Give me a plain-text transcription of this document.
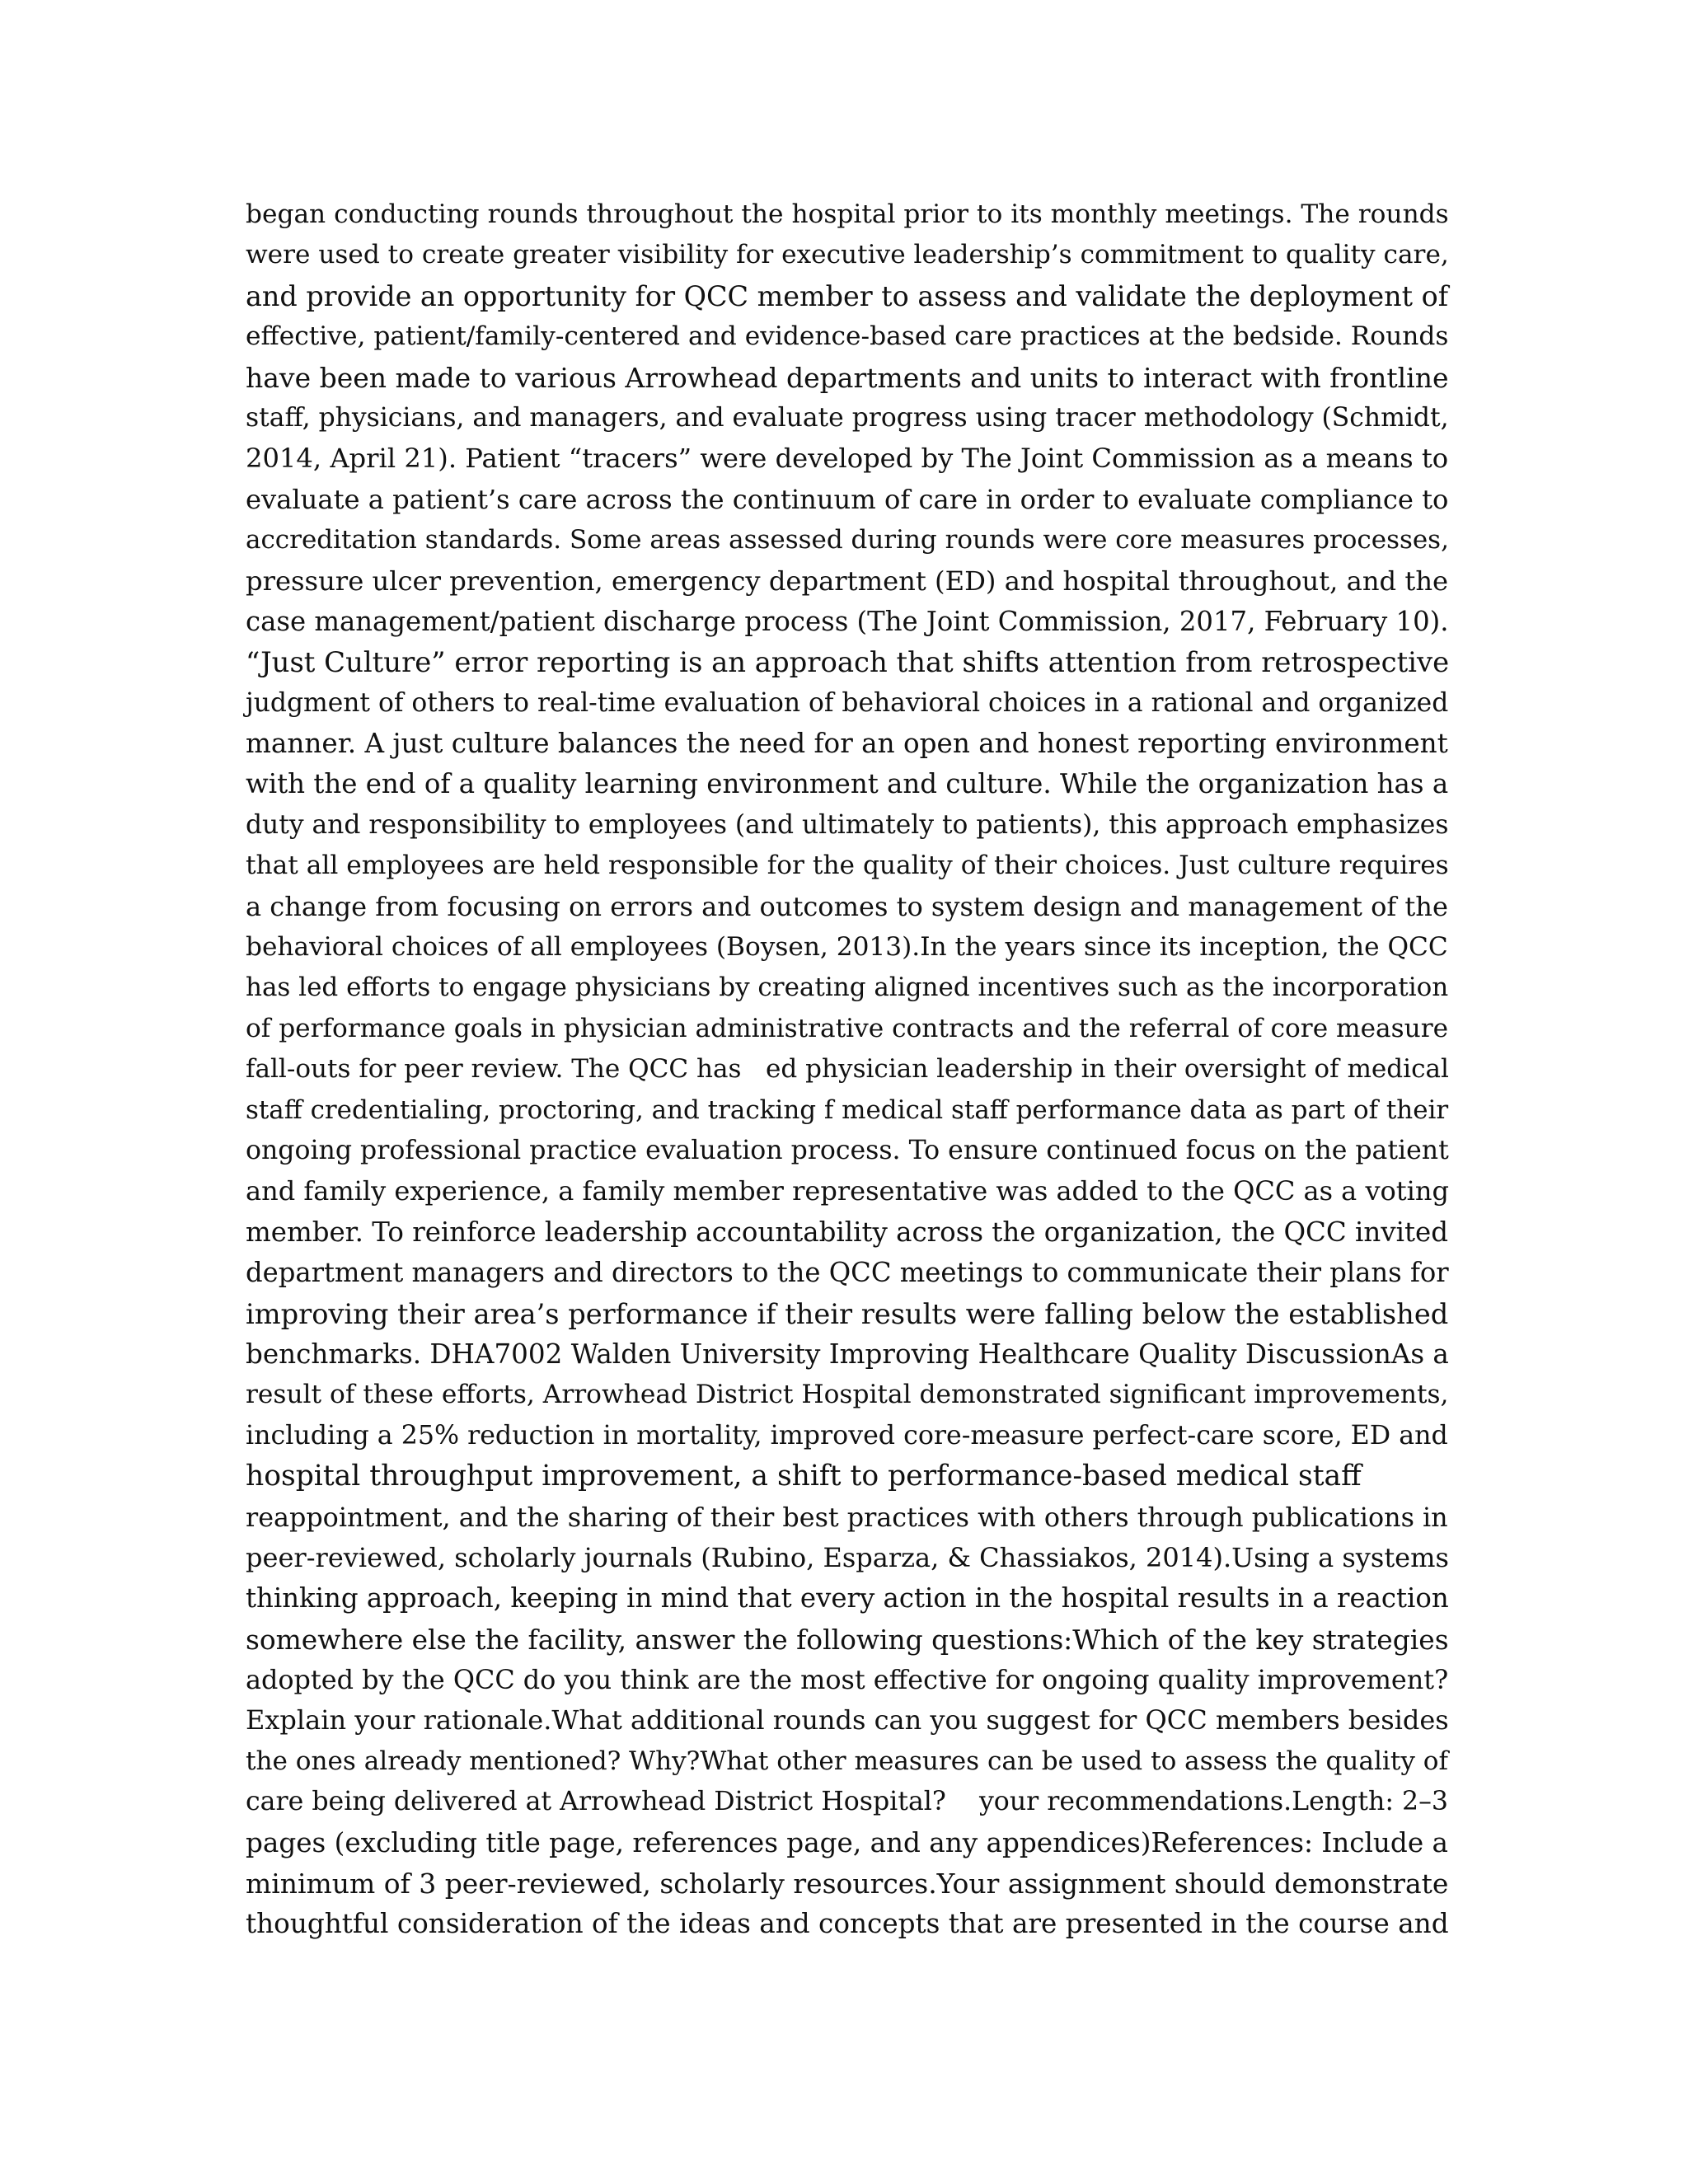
began conducting rounds throughout the hospital prior to its monthly meetings. The rounds
were used to create greater visibility for executive leadership’s commitment to quality care,
and provide an opportunity for QCC member to assess and validate the deployment of
effective, patient/family-centered and evidence-based care practices at the bedside. Rounds
have been made to various Arrowhead departments and units to interact with frontline
staff, physicians, and managers, and evaluate progress using tracer methodology (Schmidt,
2014, April 21). Patient “tracers” were developed by The Joint Commission as a means to
evaluate a patient’s care across the continuum of care in order to evaluate compliance to
accreditation standards. Some areas assessed during rounds were core measures processes,
pressure ulcer prevention, emergency department (ED) and hospital throughout, and the
case management/patient discharge process (The Joint Commission, 2017, February 10).
“Just Culture” error reporting is an approach that shifts attention from retrospective
judgment of others to real-time evaluation of behavioral choices in a rational and organized
manner. A just culture balances the need for an open and honest reporting environment
with the end of a quality learning environment and culture. While the organization has a
duty and responsibility to employees (and ultimately to patients), this approach emphasizes
that all employees are held responsible for the quality of their choices. Just culture requires
a change from focusing on errors and outcomes to system design and management of the
behavioral choices of all employees (Boysen, 2013).In the years since its inception, the QCC
has led efforts to engage physicians by creating aligned incentives such as the incorporation
of performance goals in physician administrative contracts and the referral of core measure
fall-outs for peer review. The QCC has   ed physician leadership in their oversight of medical
staff credentialing, proctoring, and tracking f medical staff performance data as part of their
ongoing professional practice evaluation process. To ensure continued focus on the patient
and family experience, a family member representative was added to the QCC as a voting
member. To reinforce leadership accountability across the organization, the QCC invited
department managers and directors to the QCC meetings to communicate their plans for
improving their area’s performance if their results were falling below the established
benchmarks. DHA7002 Walden University Improving Healthcare Quality DiscussionAs a
result of these efforts, Arrowhead District Hospital demonstrated significant improvements,
including a 25% reduction in mortality, improved core-measure perfect-care score, ED and
hospital throughput improvement, a shift to performance-based medical staff
reappointment, and the sharing of their best practices with others through publications in
peer-reviewed, scholarly journals (Rubino, Esparza, & Chassiakos, 2014).Using a systems
thinking approach, keeping in mind that every action in the hospital results in a reaction
somewhere else the facility, answer the following questions:Which of the key strategies
adopted by the QCC do you think are the most effective for ongoing quality improvement?
Explain your rationale.What additional rounds can you suggest for QCC members besides
the ones already mentioned? Why?What other measures can be used to assess the quality of
care being delivered at Arrowhead District Hospital?    your recommendations.Length: 2–3
pages (excluding title page, references page, and any appendices)References: Include a
minimum of 3 peer-reviewed, scholarly resources.Your assignment should demonstrate
thoughtful consideration of the ideas and concepts that are presented in the course and
